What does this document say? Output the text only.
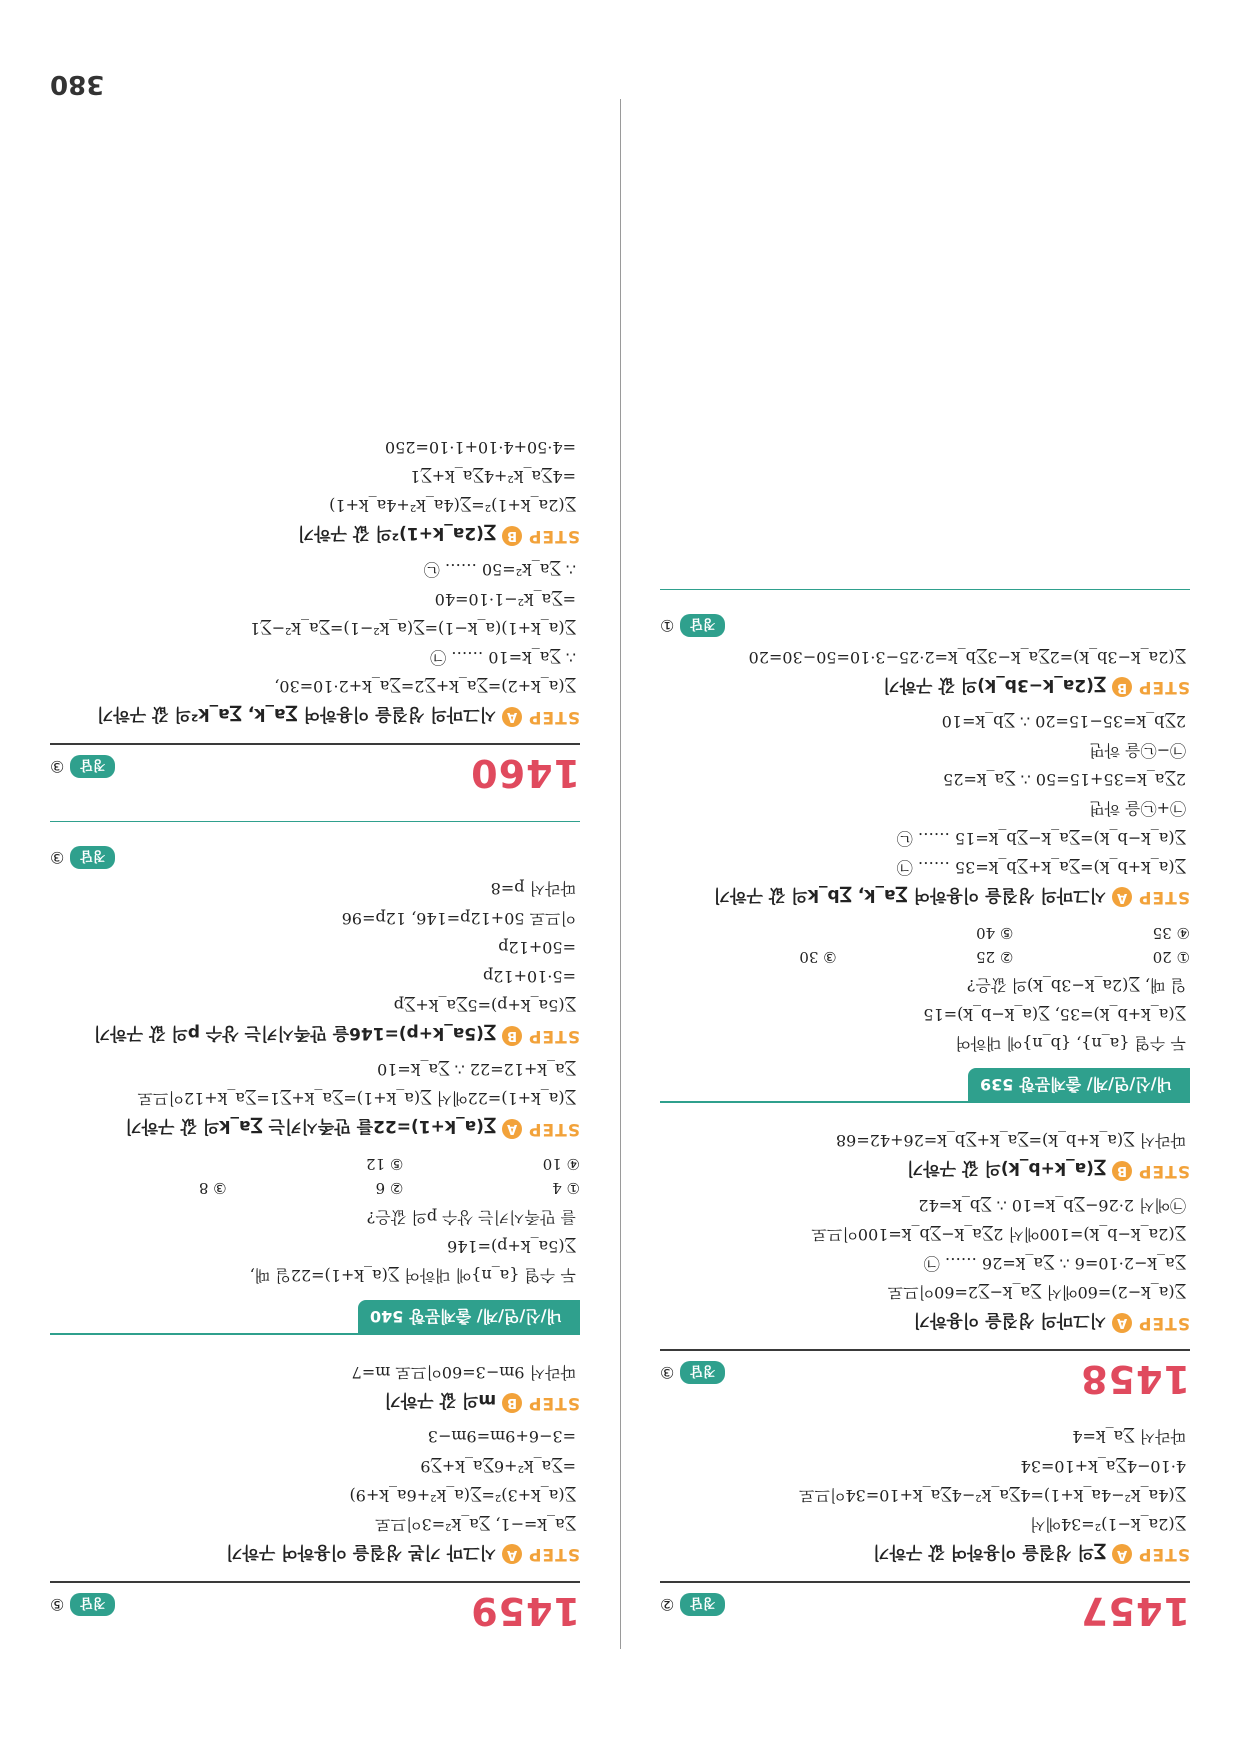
380
1457
정답
②
STEP
A
∑의 성질을 이용하여 값 구하기
∑(2a_k−1)²=34에서
∑(4a_k²−4a_k+1)=4∑a_k²−4∑a_k+10=34이므로
4·10−4∑a_k+10=34
따라서 ∑a_k=4
1458
정답
③
STEP
A
시그마의 성질을 이용하기
∑(a_k−2)=60에서 ∑a_k−∑2=60이므로
∑a_k−2·10=6 ∴ ∑a_k=26 …… ㉠
∑(2a_k−b_k)=100에서 2∑a_k−∑b_k=100이므로
㉠에서 2·26−∑b_k=10 ∴ ∑b_k=42
STEP
B
∑(a_k+b_k)의 값 구하기
따라서 ∑(a_k+b_k)=∑a_k+∑b_k=26+42=68
내/신/연/계/ 출제문항539
두 수열 {a_n}, {b_n}에 대하여
∑(a_k+b_k)=35, ∑(a_k−b_k)=15
일 때, ∑(2a_k−3b_k)의 값은?
① 20
② 25
③ 30
④ 35
⑤ 40
STEP
A
시그마의 성질을 이용하여 ∑a_k, ∑b_k의 값 구하기
∑(a_k+b_k)=∑a_k+∑b_k=35 …… ㉠
∑(a_k−b_k)=∑a_k−∑b_k=15 …… ㉡
㉠+㉡을 하면
2∑a_k=35+15=50 ∴ ∑a_k=25
㉠−㉡을 하면
2∑b_k=35−15=20 ∴ ∑b_k=10
STEP
B
∑(2a_k−3b_k)의 값 구하기
∑(2a_k−3b_k)=2∑a_k−3∑b_k=2·25−3·10=50−30=20
정답
①
1459
정답
⑤
STEP
A
시그마 기본 성질을 이용하여 구하기
∑a_k=−1, ∑a_k²=3이므로
∑(a_k+3)²=∑(a_k²+6a_k+9)
=∑a_k²+6∑a_k+∑9
=3−6+9m=9m−3
STEP
B
m의 값 구하기
따라서 9m−3=60이므로 m=7
내/신/연/계/ 출제문항540
두 수열 {a_n}에 대하여 ∑(a_k+1)=22일 때,
∑(5a_k+p)=146
를 만족시키는 상수 p의 값은?
① 4
② 6
③ 8
④ 10
⑤ 12
STEP
A
∑(a_k+1)=22를 만족시키는 ∑a_k의 값 구하기
∑(a_k+1)=22에서 ∑(a_k+1)=∑a_k+∑1=∑a_k+12이므로
∑a_k+12=22 ∴ ∑a_k=10
STEP
B
∑(5a_k+p)=146을 만족시키는 상수 p의 값 구하기
∑(5a_k+p)=5∑a_k+∑p
=5·10+12p
=50+12p
이므로 50+12p=146, 12p=96
따라서 p=8
정답
③
1460
정답
③
STEP
A
시그마의 성질을 이용하여 ∑a_k, ∑a_k²의 값 구하기
∑(a_k+2)=∑a_k+∑2=∑a_k+2·10=30,
∴ ∑a_k=10 …… ㉠
∑(a_k+1)(a_k−1)=∑(a_k²−1)=∑a_k²−∑1
=∑a_k²−1·10=40
∴ ∑a_k²=50 …… ㉡
STEP
B
∑(2a_k+1)²의 값 구하기
∑(2a_k+1)²=∑(4a_k²+4a_k+1)
=4∑a_k²+4∑a_k+∑1
=4·50+4·10+1·10=250
